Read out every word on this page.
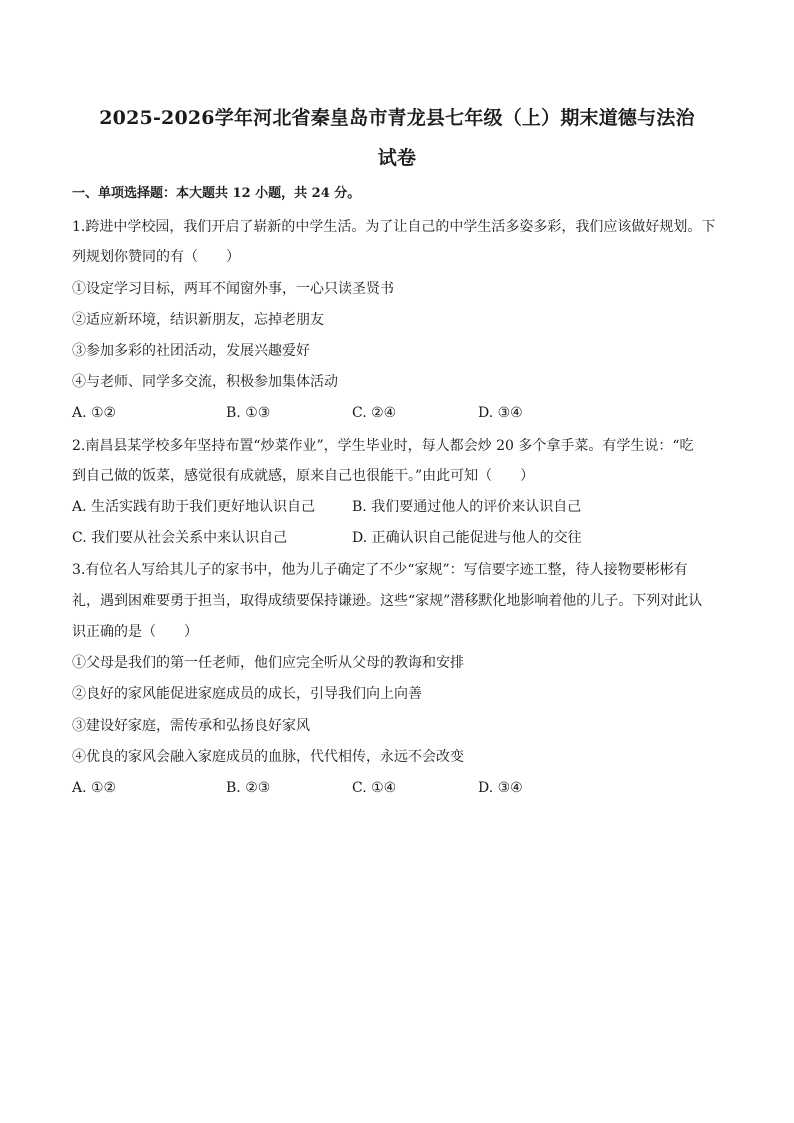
2025-2026学年河北省秦皇岛市青龙县七年级（上）期末道德与法治
试卷
一、单项选择题：本大题共 12 小题，共 24 分。
1.跨进中学校园，我们开启了崭新的中学生活。为了让自己的中学生活多姿多彩，我们应该做好规划。下
列规划你赞同的有（　　）
①设定学习目标，两耳不闻窗外事，一心只读圣贤书
②适应新环境，结识新朋友，忘掉老朋友
③参加多彩的社团活动，发展兴趣爱好
④与老师、同学多交流，积极参加集体活动
A. ①②	B. ①③	C. ②④	D. ③④
2.南昌县某学校多年坚持布置“炒菜作业”，学生毕业时，每人都会炒 20 多个拿手菜。有学生说：“吃
到自己做的饭菜，感觉很有成就感，原来自己也很能干。”由此可知（　　）
A. 生活实践有助于我们更好地认识自己	B. 我们要通过他人的评价来认识自己
C. 我们要从社会关系中来认识自己	D. 正确认识自己能促进与他人的交往
3.有位名人写给其儿子的家书中，他为儿子确定了不少“家规”：写信要字迹工整，待人接物要彬彬有
礼，遇到困难要勇于担当，取得成绩要保持谦逊。这些“家规”潜移默化地影响着他的儿子。下列对此认
识正确的是（　　）
①父母是我们的第一任老师，他们应完全听从父母的教诲和安排
②良好的家风能促进家庭成员的成长，引导我们向上向善
③建设好家庭，需传承和弘扬良好家风
④优良的家风会融入家庭成员的血脉，代代相传，永远不会改变
A. ①②	B. ②③	C. ①④	D. ③④
